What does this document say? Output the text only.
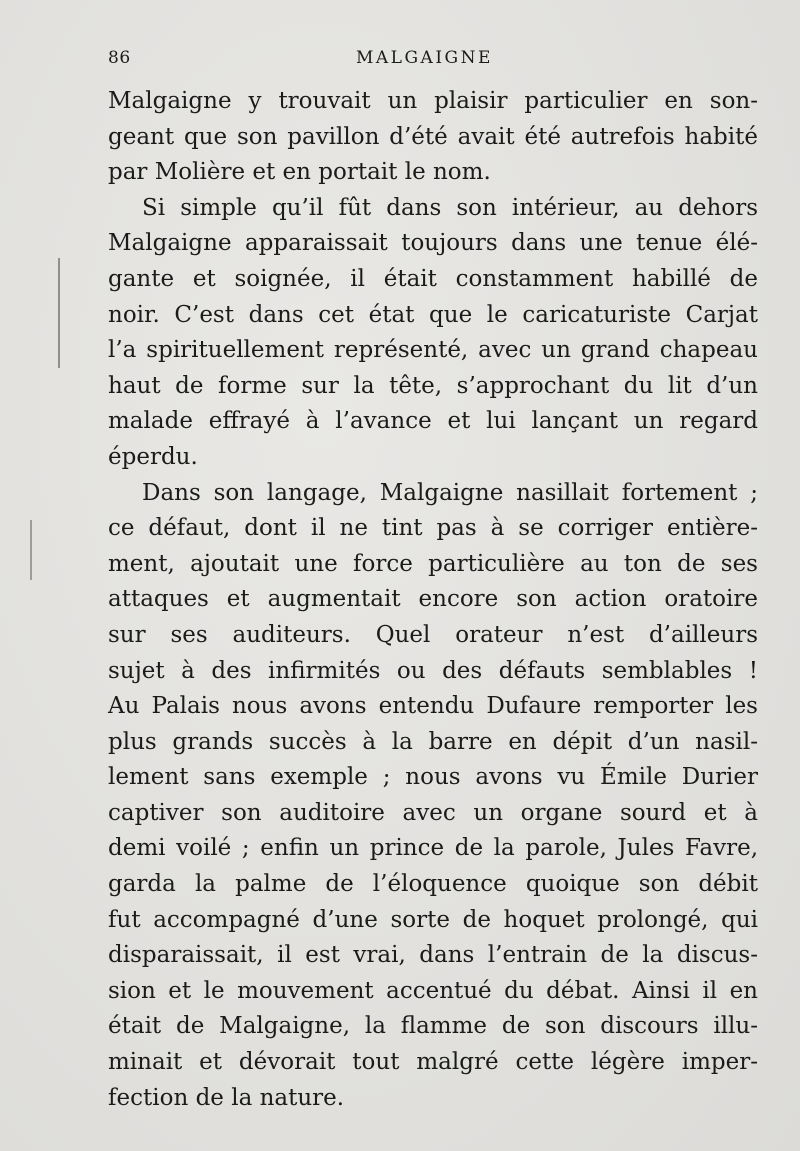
86	MALGAIGNE
Malgaigne y trouvait un plaisir particulier en son-
geant que son pavillon d’été avait été autrefois habité
par Molière et en portait le nom.
Si simple qu’il fût dans son intérieur, au dehors
Malgaigne apparaissait toujours dans une tenue élé-
gante et soignée, il était constamment habillé de
noir. C’est dans cet état que le caricaturiste Carjat
l’a spirituellement représenté, avec un grand chapeau
haut de forme sur la tête, s’approchant du lit d’un
malade effrayé à l’avance et lui lançant un regard
éperdu.
Dans son langage, Malgaigne nasillait fortement ;
ce défaut, dont il ne tint pas à se corriger entière-
ment, ajoutait une force particulière au ton de ses
attaques et augmentait encore son action oratoire
sur ses auditeurs. Quel orateur n’est d’ailleurs
sujet à des infirmités ou des défauts semblables !
Au Palais nous avons entendu Dufaure remporter les
plus grands succès à la barre en dépit d’un nasil-
lement sans exemple ; nous avons vu Émile Durier
captiver son auditoire avec un organe sourd et à
demi voilé ; enfin un prince de la parole, Jules Favre,
garda la palme de l’éloquence quoique son débit
fut accompagné d’une sorte de hoquet prolongé, qui
disparaissait, il est vrai, dans l’entrain de la discus-
sion et le mouvement accentué du débat. Ainsi il en
était de Malgaigne, la flamme de son discours illu-
minait et dévorait tout malgré cette légère imper-
fection de la nature.
